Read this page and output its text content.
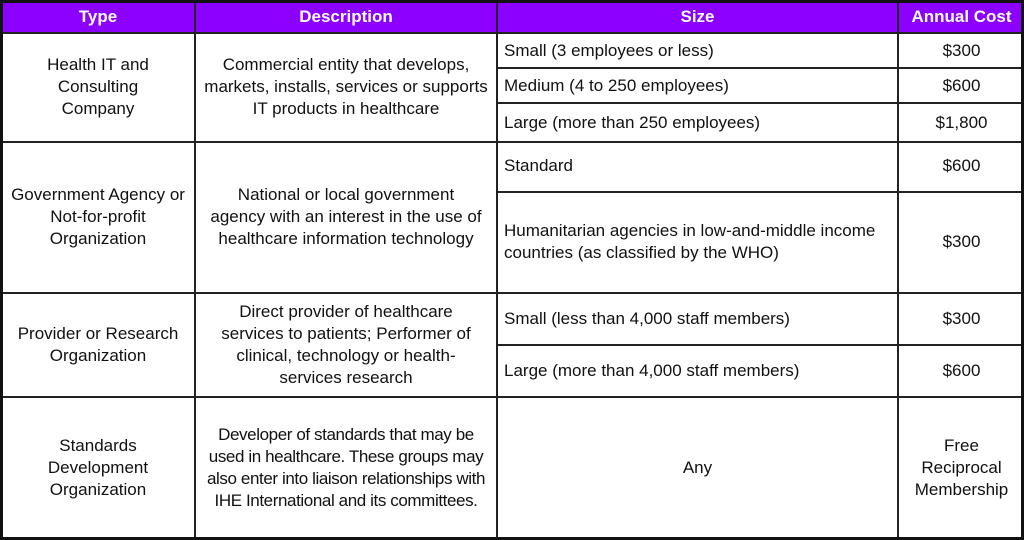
Type	Description	Size	Annual Cost
Health IT and Consulting Company	Commercial entity that develops, markets, installs, services or supports IT products in healthcare	Small (3 employees or less)	$300
		Medium (4 to 250 employees)	$600
		Large (more than 250 employees)	$1,800
Government Agency or Not-for-profit Organization	National or local government agency with an interest in the use of healthcare information technology	Standard	$600
		Humanitarian agencies in low-and-middle income countries (as classified by the WHO)	$300
Provider or Research Organization	Direct provider of healthcare services to patients; Performer of clinical, technology or health-services research	Small (less than 4,000 staff members)	$300
		Large (more than 4,000 staff members)	$600
Standards Development Organization	Developer of standards that may be used in healthcare. These groups may also enter into liaison relationships with IHE International and its committees.	Any	Free Reciprocal Membership
